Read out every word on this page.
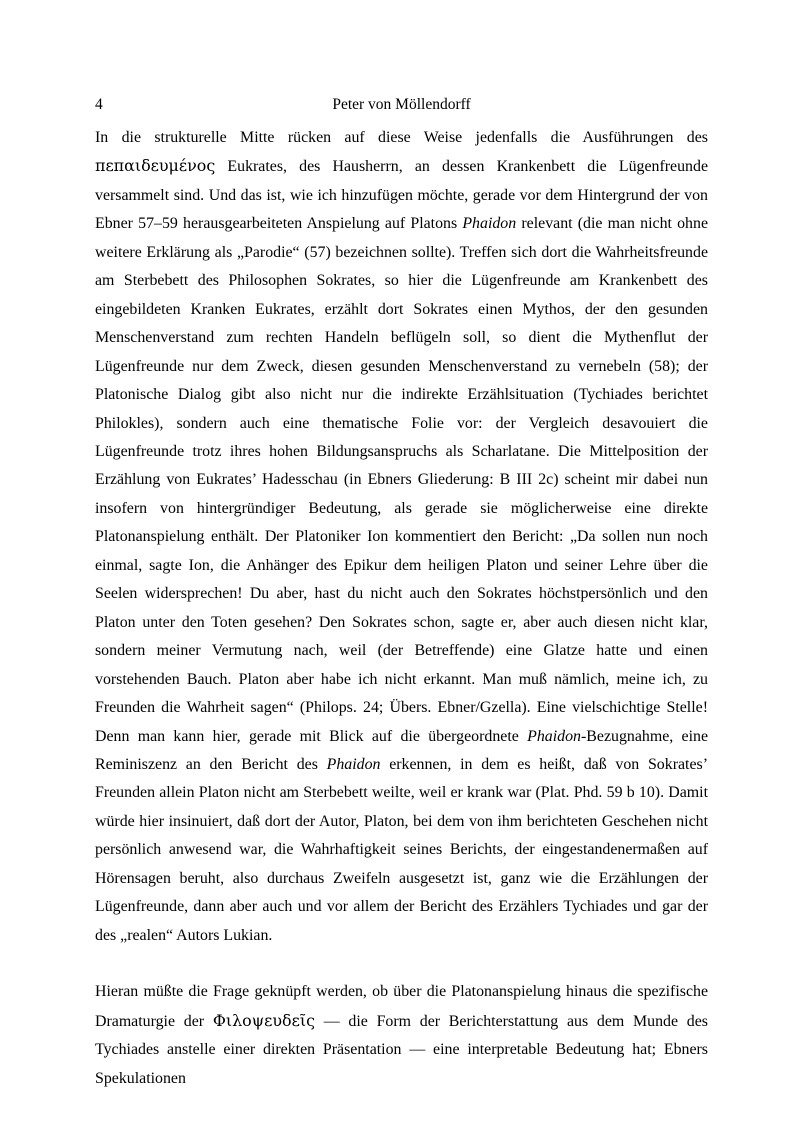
4	Peter von Möllendorff

In die strukturelle Mitte rücken auf diese Weise jedenfalls die Ausführungen des πεπαιδευμένος Eukrates, des Hausherrn, an dessen Krankenbett die Lügenfreunde versammelt sind. Und das ist, wie ich hinzufügen möchte, gerade vor dem Hintergrund der von Ebner 57–59 herausgearbeiteten Anspielung auf Platons Phaidon relevant (die man nicht ohne weitere Erklärung als „Parodie“ (57) bezeichnen sollte). Treffen sich dort die Wahrheitsfreunde am Sterbebett des Philosophen Sokrates, so hier die Lügenfreunde am Krankenbett des eingebildeten Kranken Eukrates, erzählt dort Sokrates einen Mythos, der den gesunden Menschenverstand zum rechten Handeln beflügeln soll, so dient die Mythenflut der Lügenfreunde nur dem Zweck, diesen gesunden Menschenverstand zu vernebeln (58); der Platonische Dialog gibt also nicht nur die indirekte Erzählsituation (Tychiades berichtet Philokles), sondern auch eine thematische Folie vor: der Vergleich desavouiert die Lügenfreunde trotz ihres hohen Bildungsanspruchs als Scharlatane. Die Mittelposition der Erzählung von Eukrates’ Hadesschau (in Ebners Gliederung: B III 2c) scheint mir dabei nun insofern von hintergründiger Bedeutung, als gerade sie möglicherweise eine direkte Platonanspielung enthält. Der Platoniker Ion kommentiert den Bericht: „Da sollen nun noch einmal, sagte Ion, die Anhänger des Epikur dem heiligen Platon und seiner Lehre über die Seelen widersprechen! Du aber, hast du nicht auch den Sokrates höchstpersönlich und den Platon unter den Toten gesehen? Den Sokrates schon, sagte er, aber auch diesen nicht klar, sondern meiner Vermutung nach, weil (der Betreffende) eine Glatze hatte und einen vorstehenden Bauch. Platon aber habe ich nicht erkannt. Man muß nämlich, meine ich, zu Freunden die Wahrheit sagen“ (Philops. 24; Übers. Ebner/Gzella). Eine vielschichtige Stelle! Denn man kann hier, gerade mit Blick auf die übergeordnete Phaidon-Bezugnahme, eine Reminiszenz an den Bericht des Phaidon erkennen, in dem es heißt, daß von Sokrates’ Freunden allein Platon nicht am Sterbebett weilte, weil er krank war (Plat. Phd. 59 b 10). Damit würde hier insinuiert, daß dort der Autor, Platon, bei dem von ihm berichteten Geschehen nicht persönlich anwesend war, die Wahrhaftigkeit seines Berichts, der eingestandenermaßen auf Hörensagen beruht, also durchaus Zweifeln ausgesetzt ist, ganz wie die Erzählungen der Lügenfreunde, dann aber auch und vor allem der Bericht des Erzählers Tychiades und gar der des „realen“ Autors Lukian.

Hieran müßte die Frage geknüpft werden, ob über die Platonanspielung hinaus die spezifische Dramaturgie der Φιλοψευδεῖς — die Form der Berichterstattung aus dem Munde des Tychiades anstelle einer direkten Präsentation — eine interpretable Bedeutung hat; Ebners Spekulationen
